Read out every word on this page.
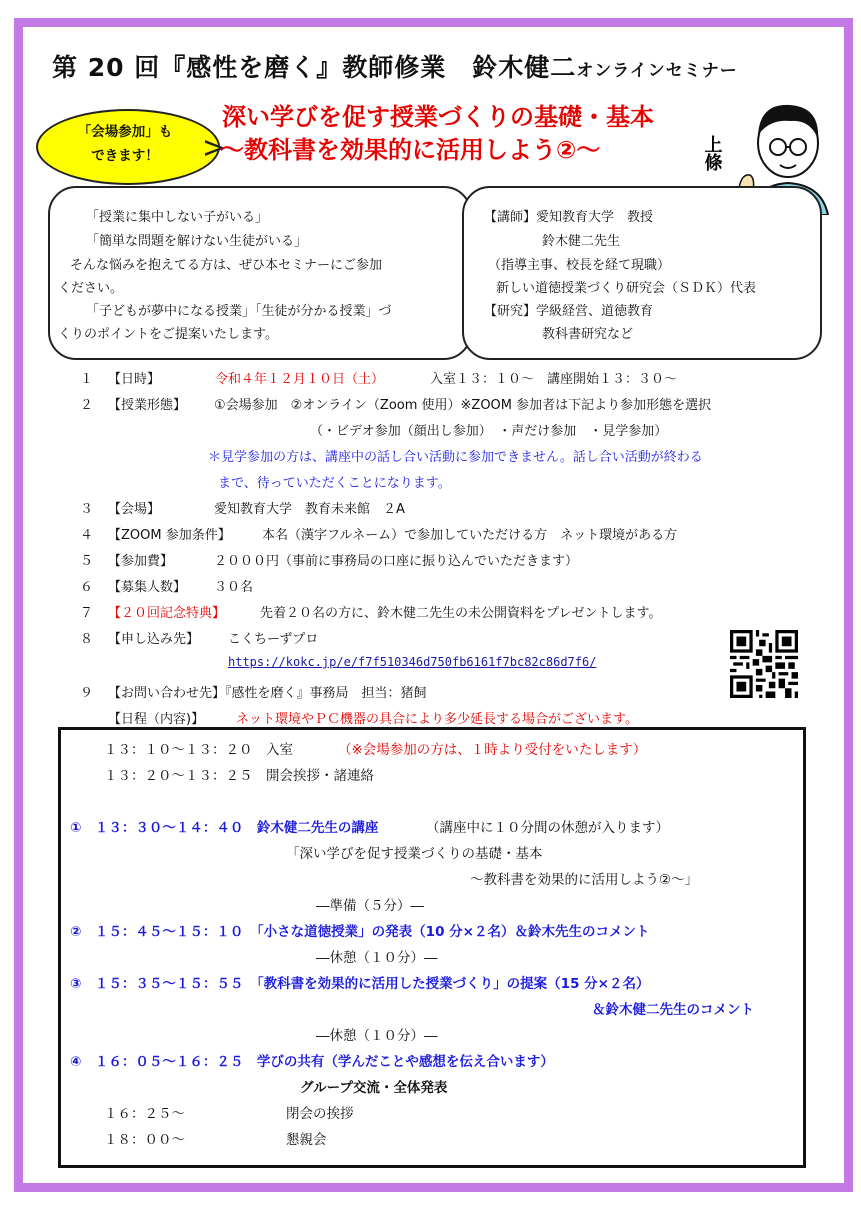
第 20 回『感性を磨く』教師修業　鈴木健二オンラインセミナー
「会場参加」も
できます！
深い学びを促す授業づくりの基礎・基本
～教科書を効果的に活用しよう②～	上條

「授業に集中しない子がいる」

「簡単な問題を解けない生徒がいる」

そんな悩みを抱えてる方は、ぜひ本セミナーにご参加

ください。

「子どもが夢中になる授業」「生徒が分かる授業」づ

くりのポイントをご提案いたします。

【講師】愛知教育大学　教授

鈴木健二先生

（指導主事、校長を経て現職）

新しい道徳授業づくり研究会（ＳＤＫ）代表

【研究】学級経営、道徳教育

教科書研究など

１ 【日時】	令和４年１２月１０日（土）	入室１３：１０～　講座開始１３：３０～
２ 【授業形態】 ①会場参加　②オンライン（Zoom 使用）※ZOOM 参加者は下記より参加形態を選択
（・ビデオ参加（顔出し参加）　・声だけ参加　・見学参加）
＊見学参加の方は、講座中の話し合い活動に参加できません。話し合い活動が終わる
まで、待っていただくことになります。
３ 【会場】	愛知教育大学　教育未来館　２A
４ 【ZOOM 参加条件】 本名（漢字フルネーム）で参加していただける方　ネット環境がある方
５ 【参加費】	２０００円（事前に事務局の口座に振り込んでいただきます）
６ 【募集人数】 ３０名
７ 【２０回記念特典】	先着２０名の方に、鈴木健二先生の未公開資料をプレゼントします。
８ 【申し込み先】 こくちーずプロ
https://kokc.jp/e/f7f510346d750fb6161f7bc82c86d7f6/
９ 【お問い合わせ先】『感性を磨く』事務局　担当：猪飼
【日程（内容)】 ネット環境やＰＣ機器の具合により多少延長する場合がございます。
１３：１０～１３：２０　入室	（※会場参加の方は、１時より受付をいたします）
１３：２０～１３：２５　開会挨拶・諸連絡
①　１３：３０～１４：４０　鈴木健二先生の講座	（講座中に１０分間の休憩が入ります）
「深い学びを促す授業づくりの基礎・基本
～教科書を効果的に活用しよう②～」
―準備（５分）―
②　１５：４５～１５：１０　「小さな道徳授業」の発表（10 分×２名）＆鈴木先生のコメント
―休憩（１０分）―
③　１５：３５～１５：５５　「教科書を効果的に活用した授業づくり」の提案（15 分×２名）
＆鈴木健二先生のコメント
―休憩（１０分）―
④　１６：０５～１６：２５　学びの共有（学んだことや感想を伝え合います）
グループ交流・全体発表
１６：２５～	閉会の挨拶
１８：００～	懇親会
